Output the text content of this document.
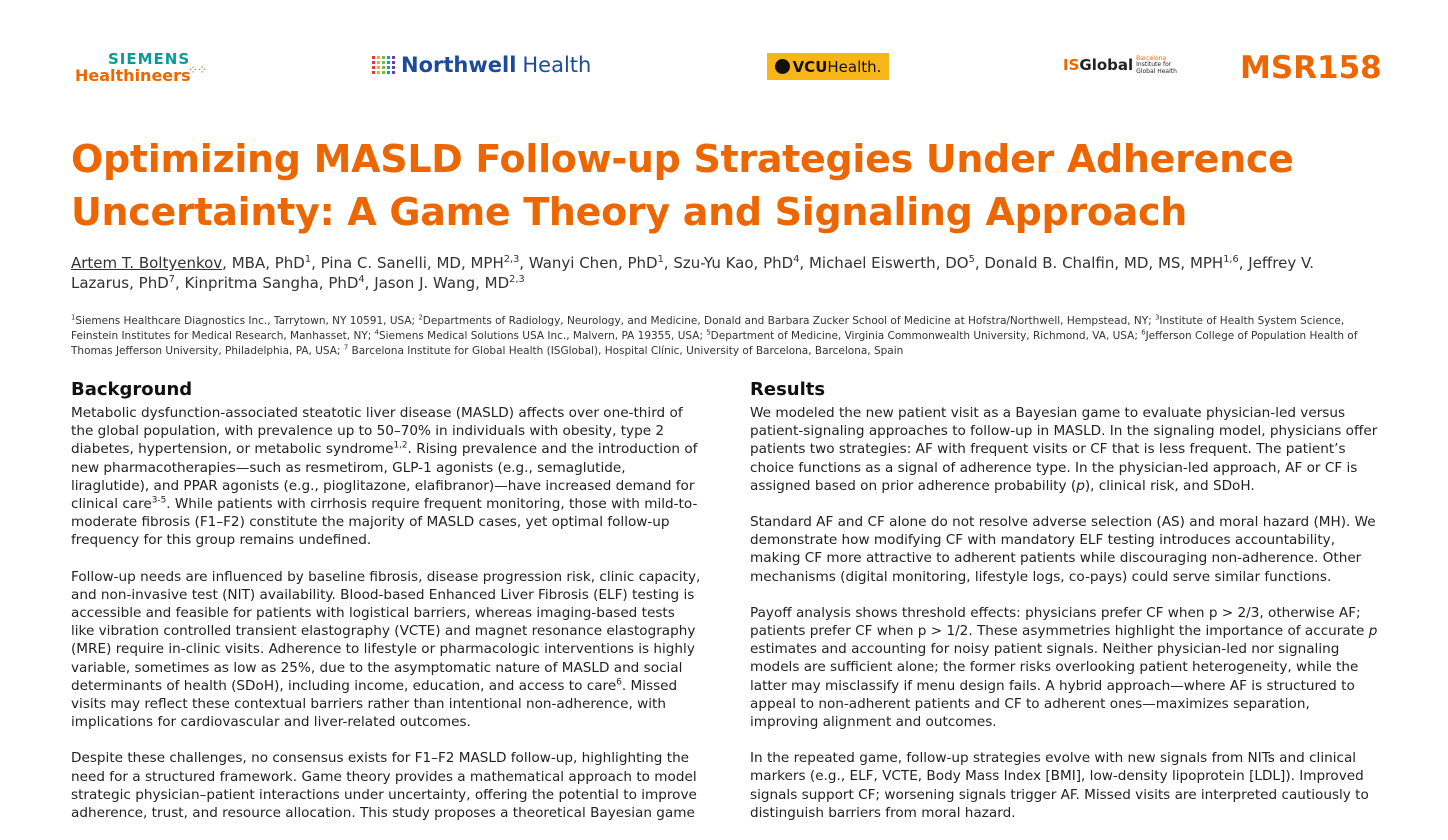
SIEMENS
Healthineers
⁘⁘	Northwell Health	VCU Health.	IS Global Barcelona
Institute for
Global Health MSR158
Optimizing MASLD Follow-up Strategies Under Adherence Uncertainty: A Game Theory and Signaling Approach
Artem T. Boltyenkov, MBA, PhD$^1$, Pina C. Sanelli, MD, MPH$^{2,3}$, Wanyi Chen, PhD$^1$, Szu-Yu Kao, PhD$^4$, Michael Eiswerth, $DO^5$, Donald B. Chalfin, MD, MS, MPH$^{1,6}$, Jeffrey V. Lazarus, PhD$^7$, Kinpritma Sangha, PhD$^4$, Jason J. Wang, MD$^{2,3}$
$^1$Siemens Healthcare Diagnostics Inc., Tarrytown, NY 10591, USA; $^2$Departments of Radiology, Neurology, and Medicine, Donald and Barbara Zucker School of Medicine at Hofstra/Northwell, Hempstead, NY; $^3$Institute of Health System Science, Feinstein Institutes for Medical Research, Manhasset, NY; $^4$Siemens Medical Solutions USA Inc., Malvern, PA 19355, USA; $^5$Department of Medicine, Virginia Commonwealth University, Richmond, VA, USA; $^6$Jefferson College of Population Health of Thomas Jefferson University, Philadelphia, PA, USA; $^7$ Barcelona Institute for Global Health (ISGlobal), Hospital Clínic, University of Barcelona, Barcelona, Spain
Background

Metabolic dysfunction-associated steatotic liver disease (MASLD) affects over one-third of the global population, with prevalence up to 50–70% in individuals with obesity, type 2 diabetes, hypertension, or metabolic syndrome$^{1,2}$. Rising prevalence and the introduction of new pharmacotherapies—such as resmetirom, GLP-1 agonists (e.g., semaglutide, liraglutide), and PPAR agonists (e.g., pioglitazone, elafibranor)—have increased demand for clinical care$^{3-5}$. While patients with cirrhosis require frequent monitoring, those with mild-to-moderate fibrosis (F1–F2) constitute the majority of MASLD cases, yet optimal follow-up frequency for this group remains undefined.

Follow-up needs are influenced by baseline fibrosis, disease progression risk, clinic capacity, and non-invasive test (NIT) availability. Blood-based Enhanced Liver Fibrosis (ELF) testing is accessible and feasible for patients with logistical barriers, whereas imaging-based tests like vibration controlled transient elastography (VCTE) and magnet resonance elastography (MRE) require in-clinic visits. Adherence to lifestyle or pharmacologic interventions is highly variable, sometimes as low as 25%, due to the asymptomatic nature of MASLD and social determinants of health (SDoH), including income, education, and access to care$^6$. Missed visits may reflect these contextual barriers rather than intentional non-adherence, with implications for cardiovascular and liver-related outcomes.

Despite these challenges, no consensus exists for F1–F2 MASLD follow-up, highlighting the need for a structured framework. Game theory provides a mathematical approach to model strategic physician–patient interactions under uncertainty, offering the potential to improve adherence, trust, and resource allocation. This study proposes a theoretical Bayesian game

Results

We modeled the new patient visit as a Bayesian game to evaluate physician-led versus patient-signaling approaches to follow-up in MASLD. In the signaling model, physicians offer patients two strategies: AF with frequent visits or CF that is less frequent. The patient’s choice functions as a signal of adherence type. In the physician-led approach, AF or CF is assigned based on prior adherence probability (p), clinical risk, and SDoH.

Standard AF and CF alone do not resolve adverse selection (AS) and moral hazard (MH). We demonstrate how modifying CF with mandatory ELF testing introduces accountability, making CF more attractive to adherent patients while discouraging non-adherence. Other mechanisms (digital monitoring, lifestyle logs, co-pays) could serve similar functions.

Payoff analysis shows threshold effects: physicians prefer CF when p > 2/3, otherwise AF; patients prefer CF when p > 1/2. These asymmetries highlight the importance of accurate p estimates and accounting for noisy patient signals. Neither physician-led nor signaling models are sufficient alone; the former risks overlooking patient heterogeneity, while the latter may misclassify if menu design fails. A hybrid approach—where AF is structured to appeal to non-adherent patients and CF to adherent ones—maximizes separation, improving alignment and outcomes.

In the repeated game, follow-up strategies evolve with new signals from NITs and clinical markers (e.g., ELF, VCTE, Body Mass Index [BMI], low-density lipoprotein [LDL]). Improved signals support CF; worsening signals trigger AF. Missed visits are interpreted cautiously to distinguish barriers from moral hazard.
